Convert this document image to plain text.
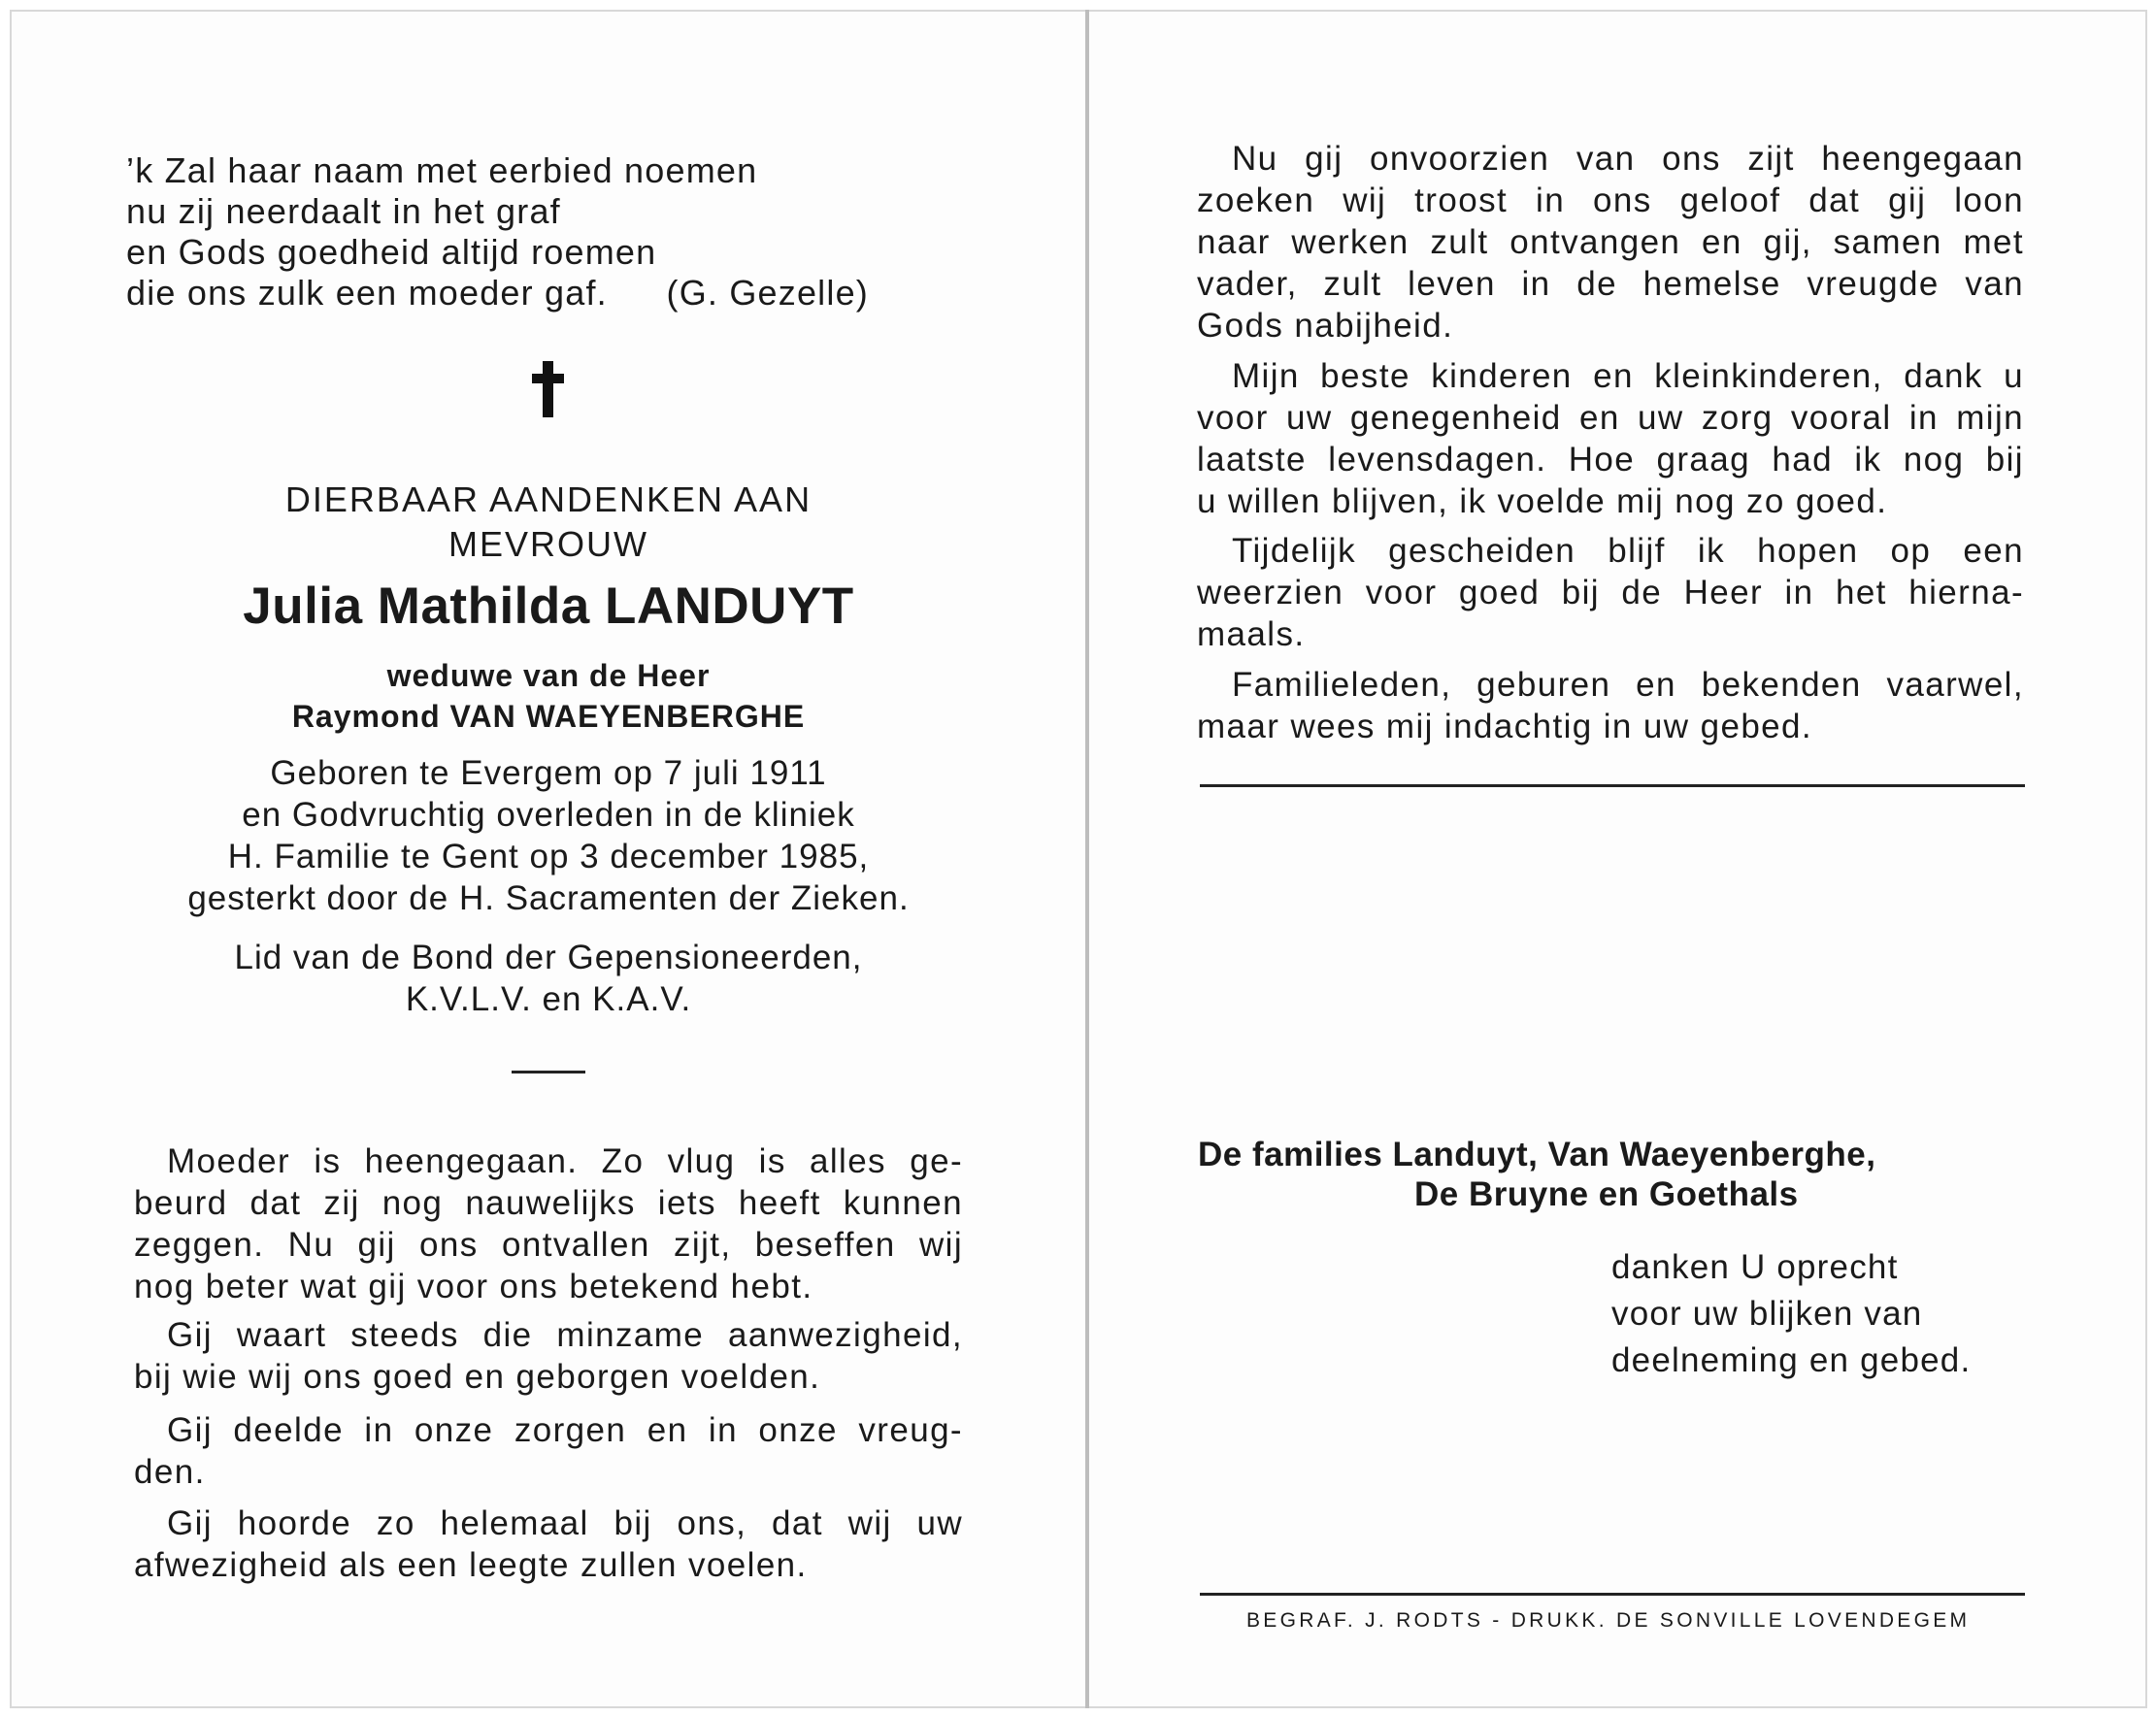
’k Zal haar naam met eerbied noemen
nu zij neerdaalt in het graf
en Gods goedheid altijd roemen
die ons zulk een moeder gaf. (G. Gezelle)
DIERBAAR AANDENKEN AAN
MEVROUW
Julia Mathilda LANDUYT
weduwe van de Heer
Raymond VAN WAEYENBERGHE
Geboren te Evergem op 7 juli 1911
en Godvruchtig overleden in de kliniek
H. Familie te Gent op 3 december 1985,
gesterkt door de H. Sacramenten der Zieken.
Lid van de Bond der Gepensioneerden,
K.V.L.V. en K.A.V.
Moeder is heengegaan. Zo vlug is alles ge-
beurd dat zij nog nauwelijks iets heeft kunnen
zeggen. Nu gij ons ontvallen zijt, beseffen wij
nog beter wat gij voor ons betekend hebt.
Gij waart steeds die minzame aanwezigheid,
bij wie wij ons goed en geborgen voelden.
Gij deelde in onze zorgen en in onze vreug-
den.
Gij hoorde zo helemaal bij ons, dat wij uw
afwezigheid als een leegte zullen voelen.
Nu gij onvoorzien van ons zijt heengegaan
zoeken wij troost in ons geloof dat gij loon
naar werken zult ontvangen en gij, samen met
vader, zult leven in de hemelse vreugde van
Gods nabijheid.
Mijn beste kinderen en kleinkinderen, dank u
voor uw genegenheid en uw zorg vooral in mijn
laatste levensdagen. Hoe graag had ik nog bij
u willen blijven, ik voelde mij nog zo goed.
Tijdelijk gescheiden blijf ik hopen op een
weerzien voor goed bij de Heer in het hierna-
maals.
Familieleden, geburen en bekenden vaarwel,
maar wees mij indachtig in uw gebed.
De families Landuyt, Van Waeyenberghe,
De Bruyne en Goethals
danken U oprecht
voor uw blijken van
deelneming en gebed.
BEGRAF. J. RODTS - DRUKK. DE SONVILLE LOVENDEGEM
